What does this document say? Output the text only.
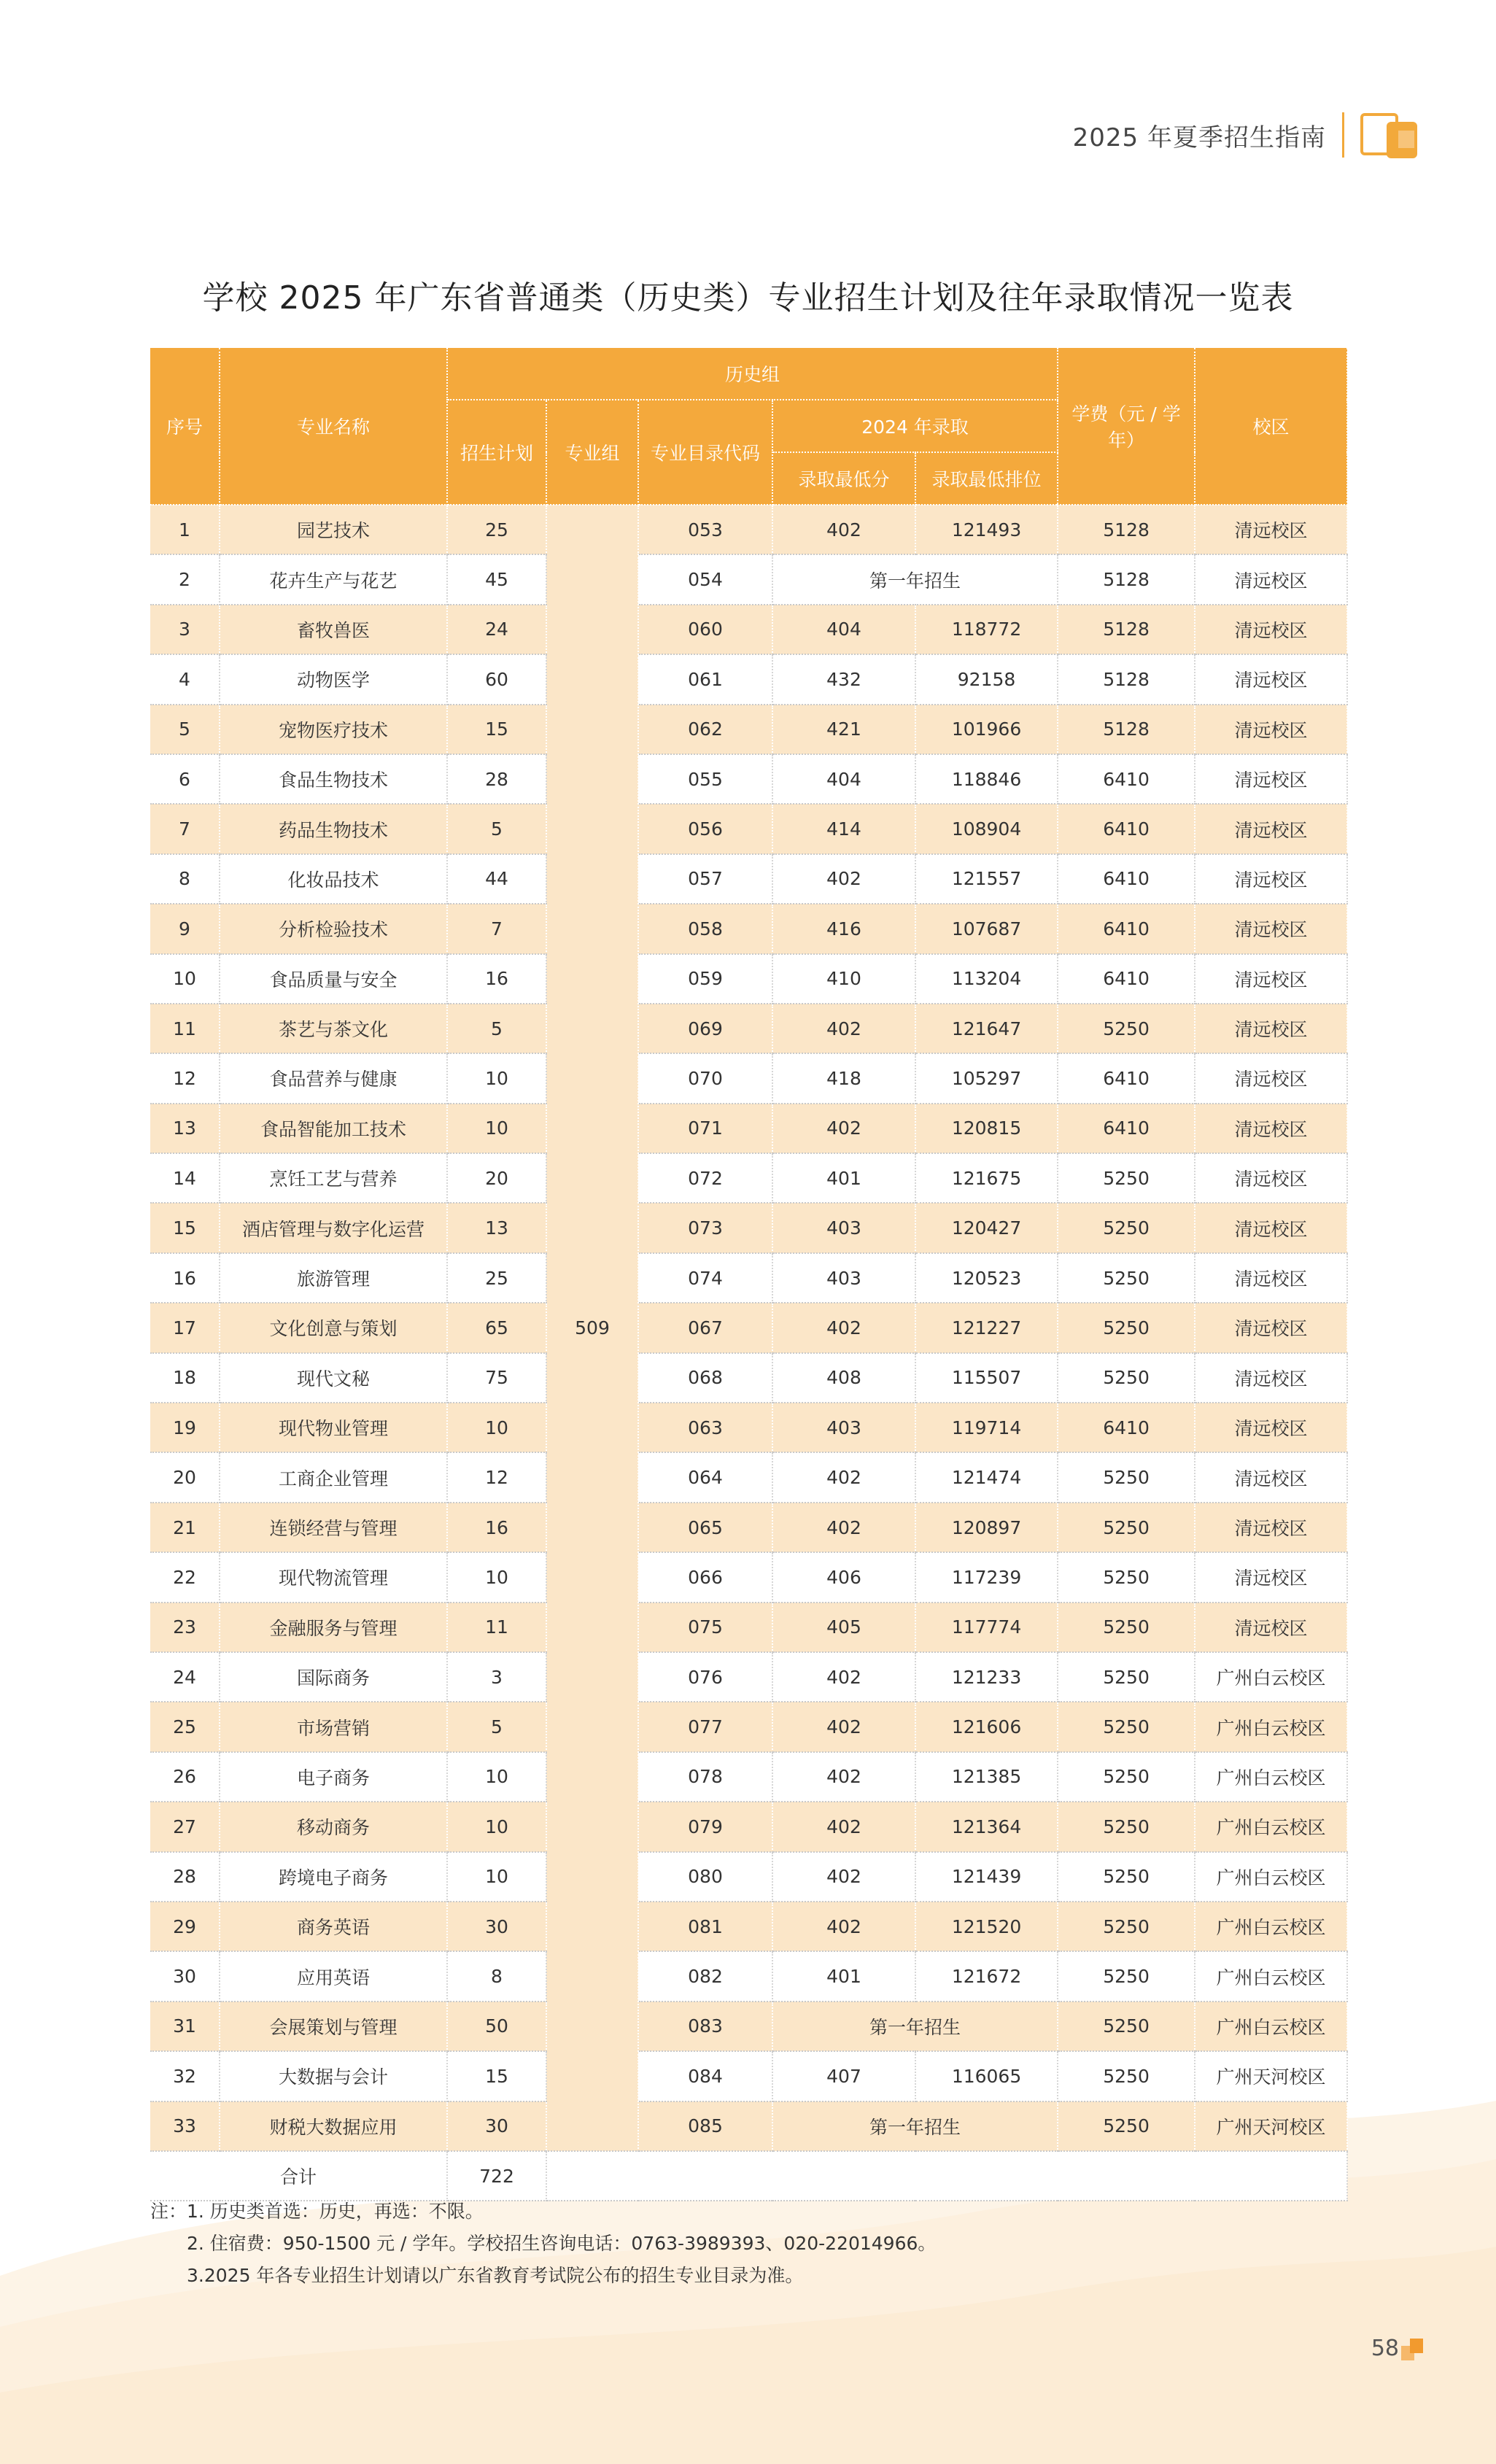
2025 年夏季招生指南
学校 2025 年广东省普通类（历史类）专业招生计划及往年录取情况一览表
序号	专业名称	历史组					学费（元 / 学年）	校区
		招生计划	专业组	专业目录代码	2024 年录取			
					录取最低分	录取最低排位		
1	园艺技术	25	509	053	402	121493	5128	清远校区
2	花卉生产与花艺	45		054	第一年招生		5128	清远校区
3	畜牧兽医	24		060	404	118772	5128	清远校区
4	动物医学	60		061	432	92158	5128	清远校区
5	宠物医疗技术	15		062	421	101966	5128	清远校区
6	食品生物技术	28		055	404	118846	6410	清远校区
7	药品生物技术	5		056	414	108904	6410	清远校区
8	化妆品技术	44		057	402	121557	6410	清远校区
9	分析检验技术	7		058	416	107687	6410	清远校区
10	食品质量与安全	16		059	410	113204	6410	清远校区
11	茶艺与茶文化	5		069	402	121647	5250	清远校区
12	食品营养与健康	10		070	418	105297	6410	清远校区
13	食品智能加工技术	10		071	402	120815	6410	清远校区
14	烹饪工艺与营养	20		072	401	121675	5250	清远校区
15	酒店管理与数字化运营	13		073	403	120427	5250	清远校区
16	旅游管理	25		074	403	120523	5250	清远校区
17	文化创意与策划	65		067	402	121227	5250	清远校区
18	现代文秘	75		068	408	115507	5250	清远校区
19	现代物业管理	10		063	403	119714	6410	清远校区
20	工商企业管理	12		064	402	121474	5250	清远校区
21	连锁经营与管理	16		065	402	120897	5250	清远校区
22	现代物流管理	10		066	406	117239	5250	清远校区
23	金融服务与管理	11		075	405	117774	5250	清远校区
24	国际商务	3		076	402	121233	5250	广州白云校区
25	市场营销	5		077	402	121606	5250	广州白云校区
26	电子商务	10		078	402	121385	5250	广州白云校区
27	移动商务	10		079	402	121364	5250	广州白云校区
28	跨境电子商务	10		080	402	121439	5250	广州白云校区
29	商务英语	30		081	402	121520	5250	广州白云校区
30	应用英语	8		082	401	121672	5250	广州白云校区
31	会展策划与管理	50		083	第一年招生		5250	广州白云校区
32	大数据与会计	15		084	407	116065	5250	广州天河校区
33	财税大数据应用	30		085	第一年招生		5250	广州天河校区
合计		722						
注：1. 历史类首选：历史，再选：不限。
2. 住宿费：950-1500 元 / 学年。学校招生咨询电话：0763-3989393、020-22014966。
3.2025 年各专业招生计划请以广东省教育考试院公布的招生专业目录为准。
58
